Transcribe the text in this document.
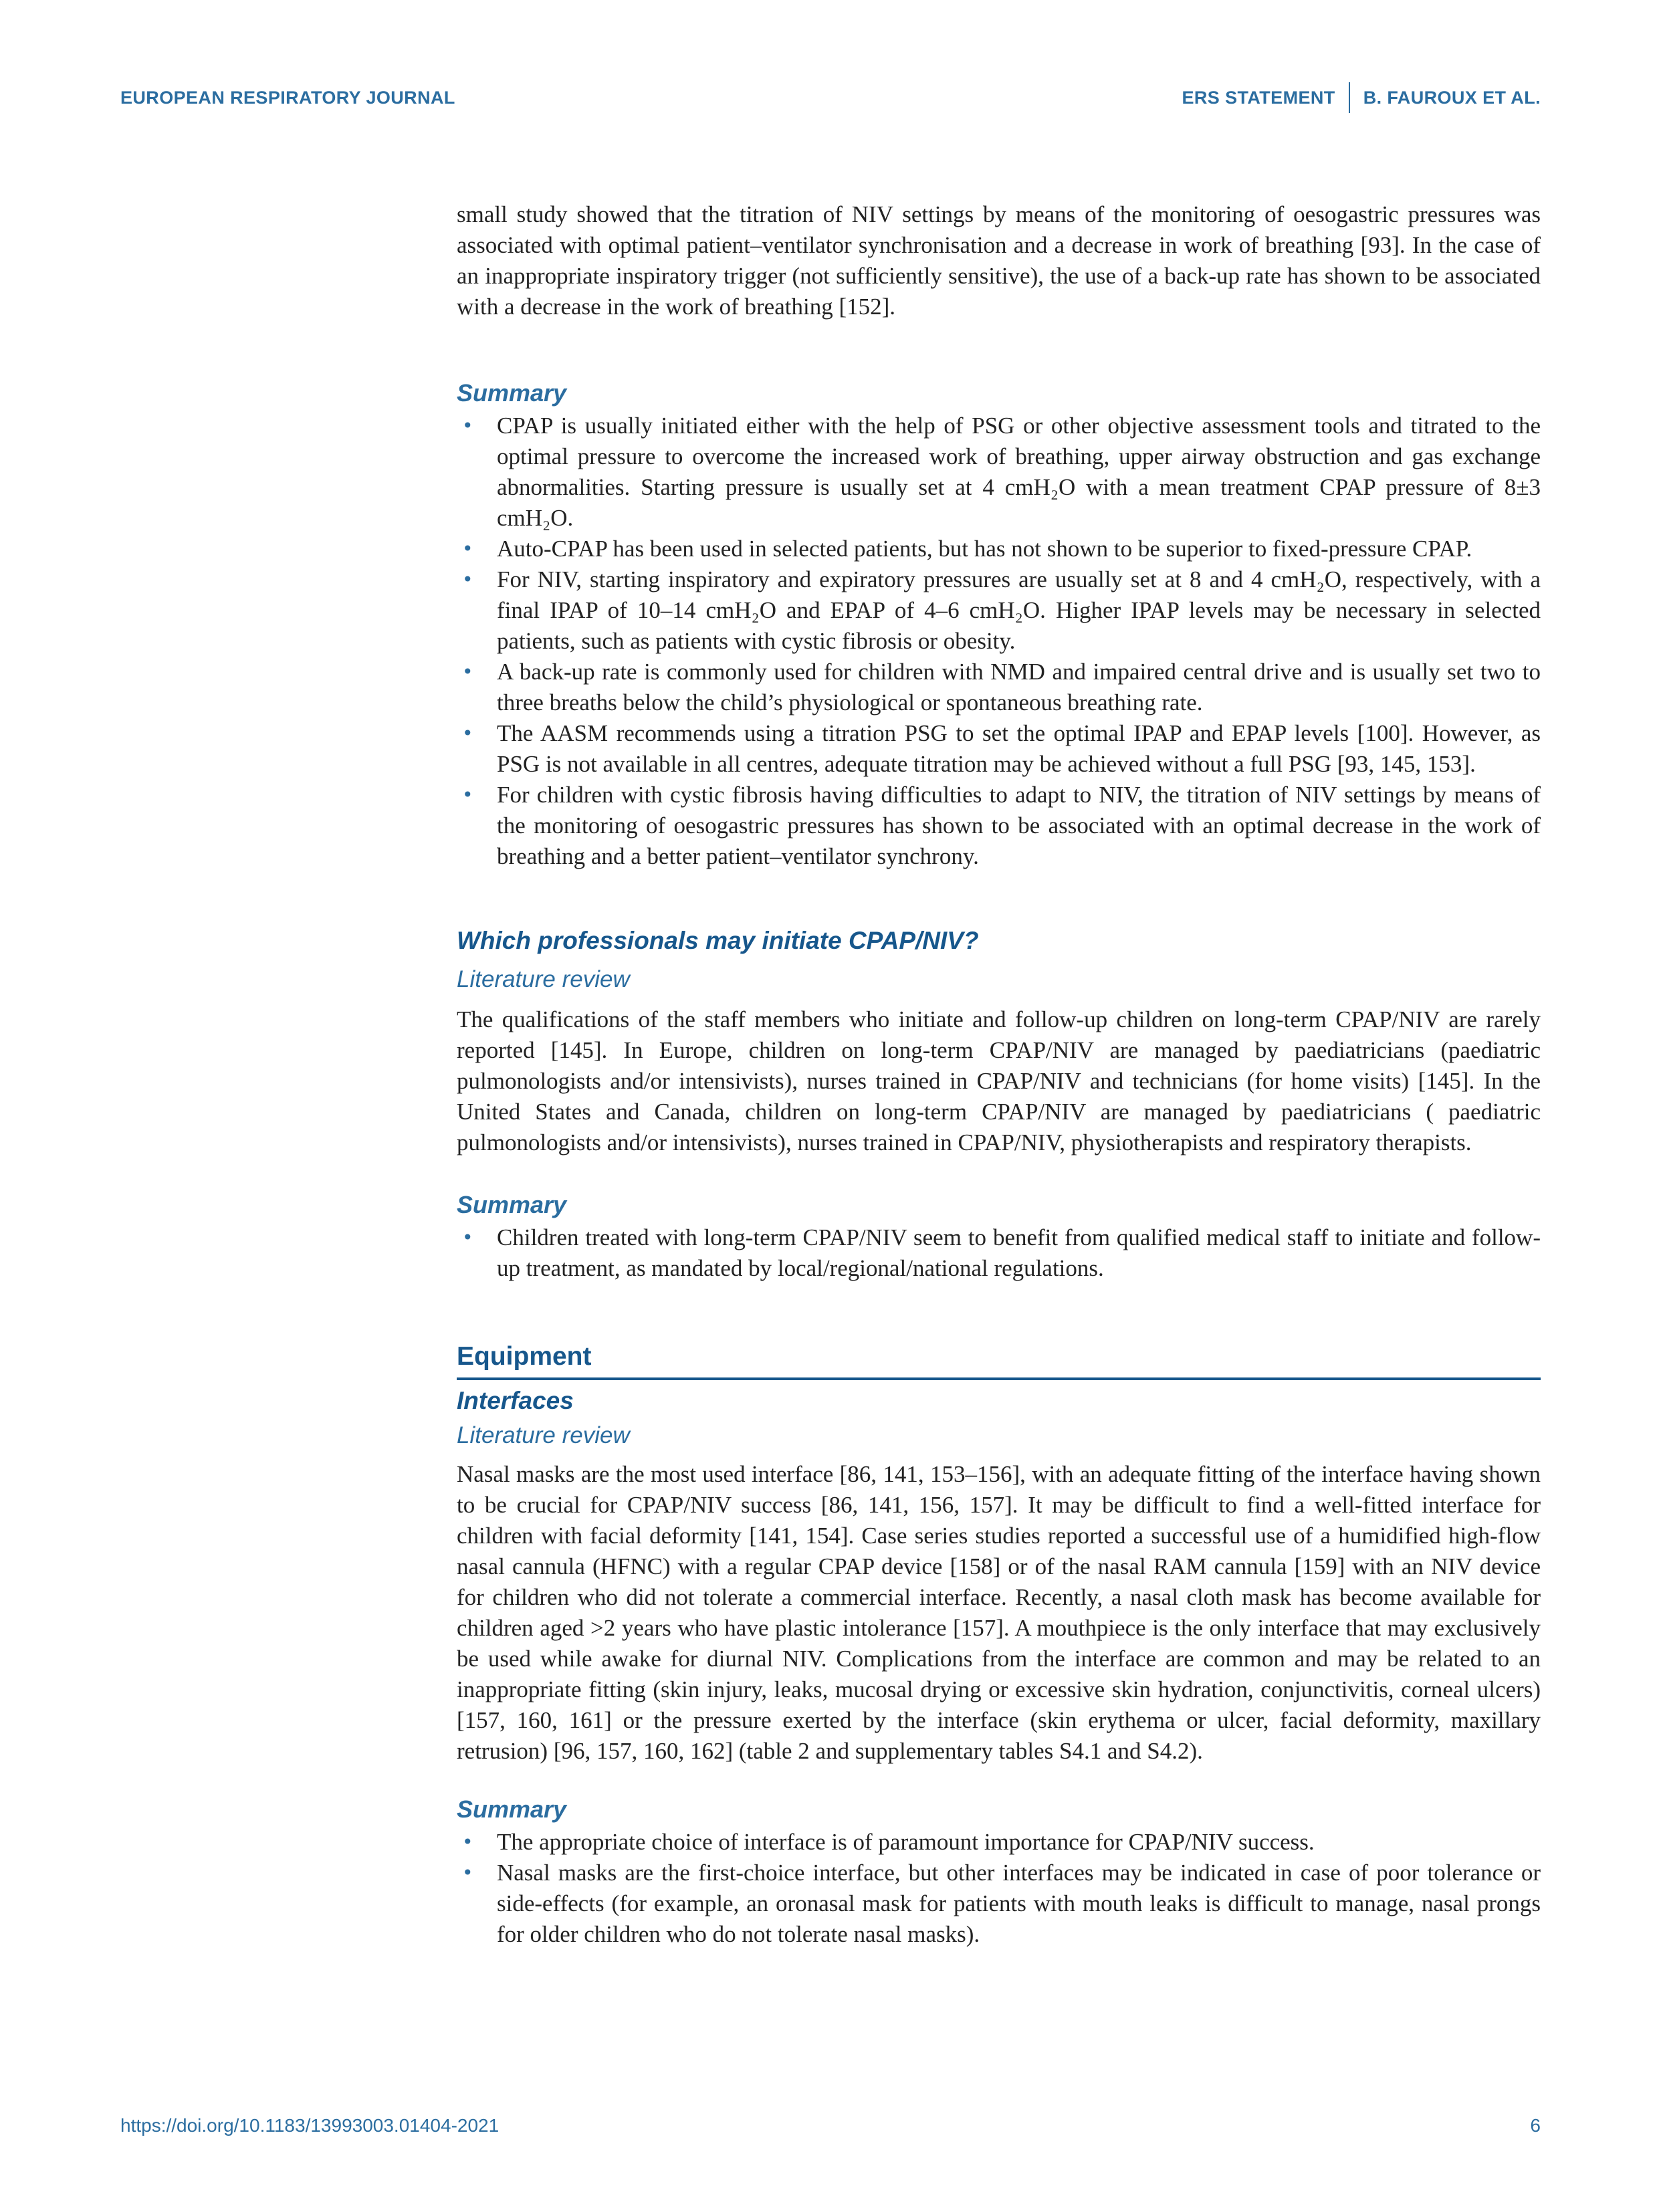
EUROPEAN RESPIRATORY JOURNAL	ERS STATEMENT B. FAUROUX ET AL.

small study showed that the titration of NIV settings by means of the monitoring of oesogastric pressures was associated with optimal patient–ventilator synchronisation and a decrease in work of breathing [93]. In the case of an inappropriate inspiratory trigger (not sufficiently sensitive), the use of a back-up rate has shown to be associated with a decrease in the work of breathing [152].

Summary
•	CPAP is usually initiated either with the help of PSG or other objective assessment tools and titrated to the optimal pressure to overcome the increased work of breathing, upper airway obstruction and gas exchange abnormalities. Starting pressure is usually set at 4 cmH₂O with a mean treatment CPAP pressure of 8±3 cmH₂O.
•	Auto-CPAP has been used in selected patients, but has not shown to be superior to fixed-pressure CPAP.
•	For NIV, starting inspiratory and expiratory pressures are usually set at 8 and 4 cmH₂O, respectively, with a final IPAP of 10–14 cmH₂O and EPAP of 4–6 cmH₂O. Higher IPAP levels may be necessary in selected patients, such as patients with cystic fibrosis or obesity.
•	A back-up rate is commonly used for children with NMD and impaired central drive and is usually set two to three breaths below the child’s physiological or spontaneous breathing rate.
•	The AASM recommends using a titration PSG to set the optimal IPAP and EPAP levels [100]. However, as PSG is not available in all centres, adequate titration may be achieved without a full PSG [93, 145, 153].
•	For children with cystic fibrosis having difficulties to adapt to NIV, the titration of NIV settings by means of the monitoring of oesogastric pressures has shown to be associated with an optimal decrease in the work of breathing and a better patient–ventilator synchrony.
Which professionals may initiate CPAP/NIV?
Literature review

The qualifications of the staff members who initiate and follow-up children on long-term CPAP/NIV are rarely reported [145]. In Europe, children on long-term CPAP/NIV are managed by paediatricians (paediatric pulmonologists and/or intensivists), nurses trained in CPAP/NIV and technicians (for home visits) [145]. In the United States and Canada, children on long-term CPAP/NIV are managed by paediatricians ( paediatric pulmonologists and/or intensivists), nurses trained in CPAP/NIV, physiotherapists and respiratory therapists.

Summary
•	Children treated with long-term CPAP/NIV seem to benefit from qualified medical staff to initiate and follow-up treatment, as mandated by local/regional/national regulations.
Equipment
Interfaces
Literature review

Nasal masks are the most used interface [86, 141, 153–156], with an adequate fitting of the interface having shown to be crucial for CPAP/NIV success [86, 141, 156, 157]. It may be difficult to find a well-fitted interface for children with facial deformity [141, 154]. Case series studies reported a successful use of a humidified high-flow nasal cannula (HFNC) with a regular CPAP device [158] or of the nasal RAM cannula [159] with an NIV device for children who did not tolerate a commercial interface. Recently, a nasal cloth mask has become available for children aged >2 years who have plastic intolerance [157]. A mouthpiece is the only interface that may exclusively be used while awake for diurnal NIV. Complications from the interface are common and may be related to an inappropriate fitting (skin injury, leaks, mucosal drying or excessive skin hydration, conjunctivitis, corneal ulcers) [157, 160, 161] or the pressure exerted by the interface (skin erythema or ulcer, facial deformity, maxillary retrusion) [96, 157, 160, 162] (table 2 and supplementary tables S4.1 and S4.2).

Summary
•	The appropriate choice of interface is of paramount importance for CPAP/NIV success.
•	Nasal masks are the first-choice interface, but other interfaces may be indicated in case of poor tolerance or side-effects (for example, an oronasal mask for patients with mouth leaks is difficult to manage, nasal prongs for older children who do not tolerate nasal masks).
https://doi.org/10.1183/13993003.01404-2021	6
